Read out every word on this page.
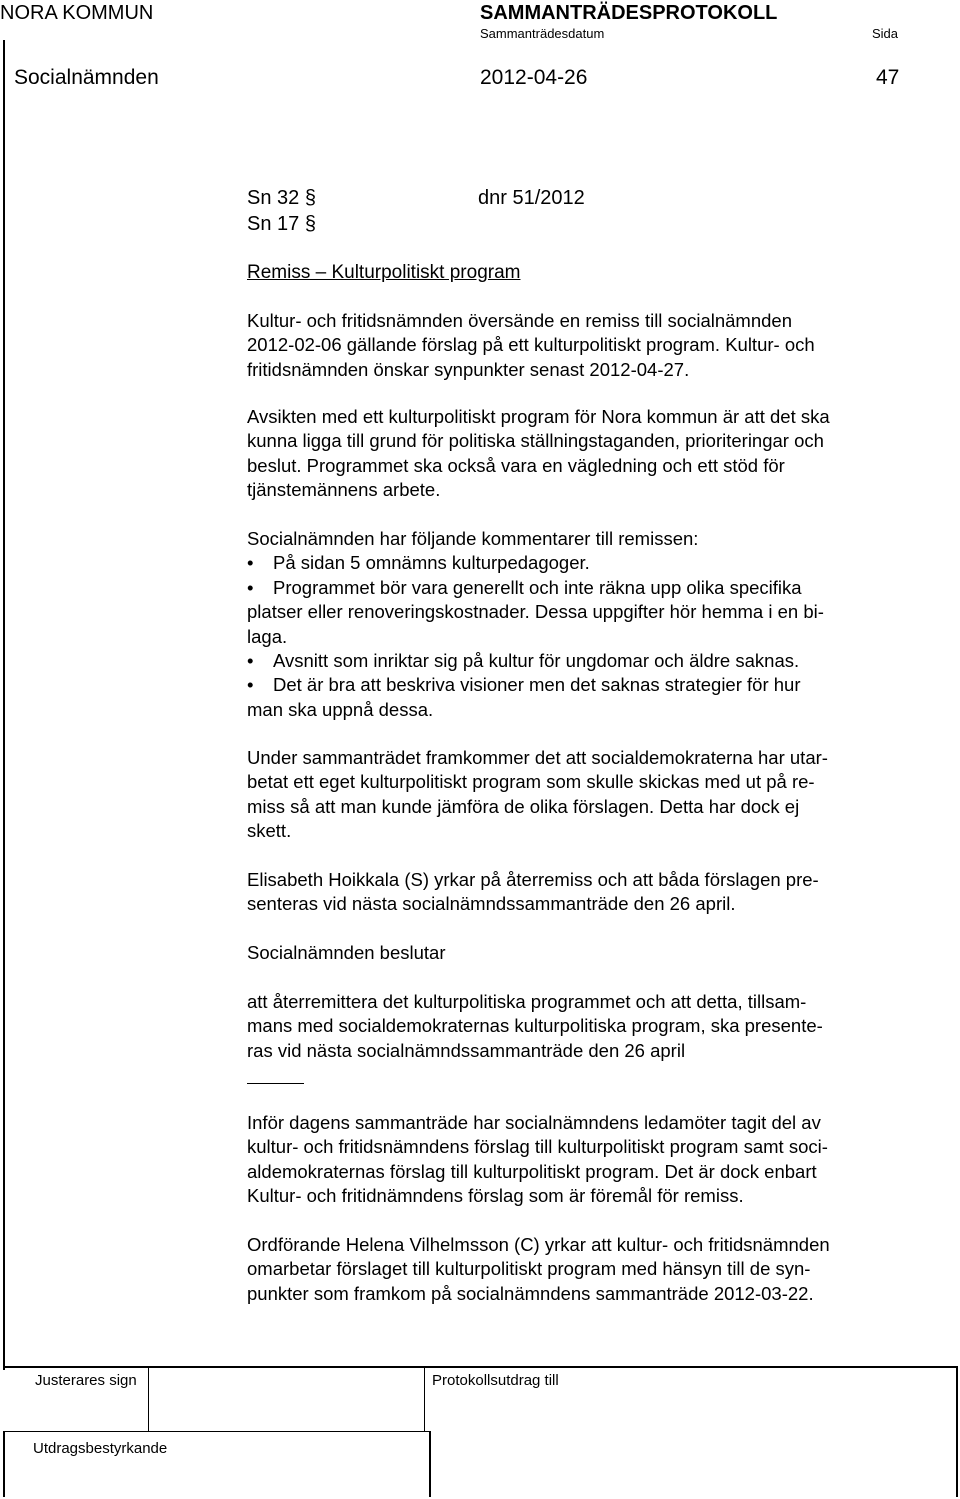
NORA KOMMUN	SAMMANTRÄDESPROTOKOLL
Sammanträdesdatum	Sida
Socialnämnden	2012-04-26	47
Sn 32 §	dnr 51/2012
Sn 17 §
Remiss – Kulturpolitiskt program

Kultur- och fritidsnämnden översände en remiss till socialnämnden

2012-02-06 gällande förslag på ett kulturpolitiskt program. Kultur- och

fritidsnämnden önskar synpunkter senast 2012-04-27.

Avsikten med ett kulturpolitiskt program för Nora kommun är att det ska

kunna ligga till grund för politiska ställningstaganden, prioriteringar och

beslut. Programmet ska också vara en vägledning och ett stöd för

tjänstemännens arbete.

Socialnämnden har följande kommentarer till remissen:

• På sidan 5 omnämns kulturpedagoger.
• Programmet bör vara generellt och inte räkna upp olika specifika

platser eller renoveringskostnader. Dessa uppgifter hör hemma i en bi-

laga.

• Avsnitt som inriktar sig på kultur för ungdomar och äldre saknas.
• Det är bra att beskriva visioner men det saknas strategier för hur

man ska uppnå dessa.

Under sammanträdet framkommer det att socialdemokraterna har utar-

betat ett eget kulturpolitiskt program som skulle skickas med ut på re-

miss så att man kunde jämföra de olika förslagen. Detta har dock ej

skett.

Elisabeth Hoikkala (S) yrkar på återremiss och att båda förslagen pre-

senteras vid nästa socialnämndssammanträde den 26 april.

Socialnämnden beslutar

att återremittera det kulturpolitiska programmet och att detta, tillsam-

mans med socialdemokraternas kulturpolitiska program, ska presente-

ras vid nästa socialnämndssammanträde den 26 april

Inför dagens sammanträde har socialnämndens ledamöter tagit del av

kultur- och fritidsnämndens förslag till kulturpolitiskt program samt soci-

aldemokraternas förslag till kulturpolitiskt program. Det är dock enbart

Kultur- och fritidnämndens förslag som är föremål för remiss.

Ordförande Helena Vilhelmsson (C) yrkar att kultur- och fritidsnämnden

omarbetar förslaget till kulturpolitiskt program med hänsyn till de syn-

punkter som framkom på socialnämndens sammanträde 2012-03-22.

Justerares sign	Protokollsutdrag till
Utdragsbestyrkande
